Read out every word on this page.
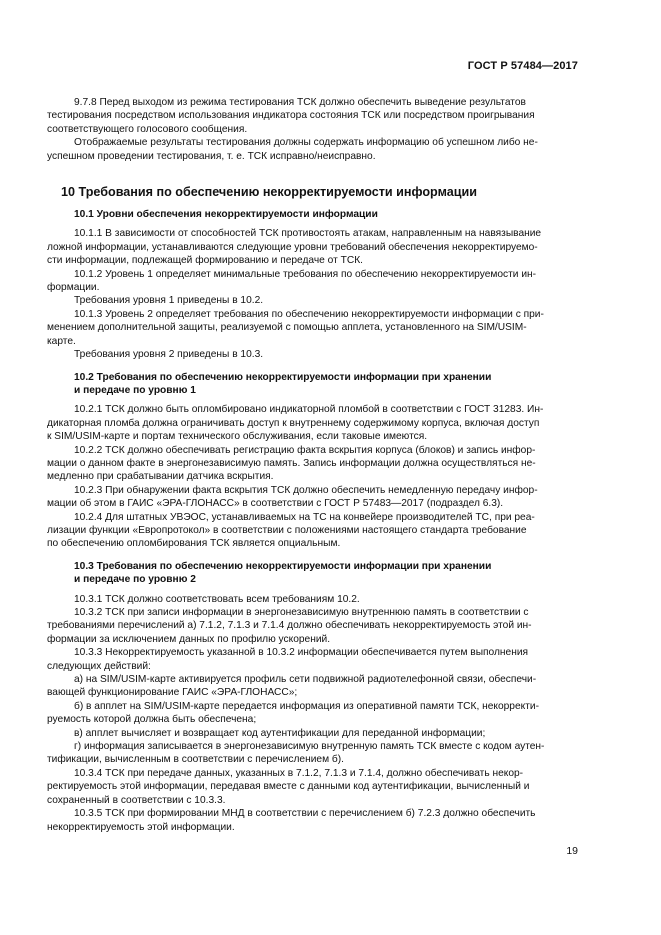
ГОСТ Р 57484—2017

9.7.8 Перед выходом из режима тестирования ТСК должно обеспечить выведение результатов
тестирования посредством использования индикатора состояния ТСК или посредством проигрывания
соответствующего голосового сообщения.

Отображаемые результаты тестирования должны содержать информацию об успешном либо не-
успешном проведении тестирования, т. е. ТСК исправно/неисправно.

10 Требования по обеспечению некорректируемости информации
10.1 Уровни обеспечения некорректируемости информации

10.1.1 В зависимости от способностей ТСК противостоять атакам, направленным на навязывание
ложной информации, устанавливаются следующие уровни требований обеспечения некорректируемо-
сти информации, подлежащей формированию и передаче от ТСК.

10.1.2 Уровень 1 определяет минимальные требования по обеспечению некорректируемости ин-
формации.

Требования уровня 1 приведены в 10.2.

10.1.3 Уровень 2 определяет требования по обеспечению некорректируемости информации с при-
менением дополнительной защиты, реализуемой с помощью апплета, установленного на SIM/USIM-
карте.

Требования уровня 2 приведены в 10.3.

10.2 Требования по обеспечению некорректируемости информации при хранении
и передаче по уровню 1

10.2.1 ТСК должно быть опломбировано индикаторной пломбой в соответствии с ГОСТ 31283. Ин-
дикаторная пломба должна ограничивать доступ к внутреннему содержимому корпуса, включая доступ
к SIM/USIM-карте и портам технического обслуживания, если таковые имеются.

10.2.2 ТСК должно обеспечивать регистрацию факта вскрытия корпуса (блоков) и запись инфор-
мации о данном факте в энергонезависимую память. Запись информации должна осуществляться не-
медленно при срабатывании датчика вскрытия.

10.2.3 При обнаружении факта вскрытия ТСК должно обеспечить немедленную передачу инфор-
мации об этом в ГАИС «ЭРА-ГЛОНАСС» в соответствии с ГОСТ Р 57483—2017 (подраздел 6.3).

10.2.4 Для штатных УВЭОС, устанавливаемых на ТС на конвейере производителей ТС, при реа-
лизации функции «Европротокол» в соответствии с положениями настоящего стандарта требование
по обеспечению опломбирования ТСК является опциальным.

10.3 Требования по обеспечению некорректируемости информации при хранении
и передаче по уровню 2

10.3.1 ТСК должно соответствовать всем требованиям 10.2.

10.3.2 ТСК при записи информации в энергонезависимую внутреннюю память в соответствии с
требованиями перечислений а) 7.1.2, 7.1.3 и 7.1.4 должно обеспечивать некорректируемость этой ин-
формации за исключением данных по профилю ускорений.

10.3.3 Некорректируемость указанной в 10.3.2 информации обеспечивается путем выполнения
следующих действий:

а) на SIM/USIM-карте активируется профиль сети подвижной радиотелефонной связи, обеспечи-
вающей функционирование ГАИС «ЭРА-ГЛОНАСС»;

б) в апплет на SIM/USIM-карте передается информация из оперативной памяти ТСК, некорректи-
руемость которой должна быть обеспечена;

в) апплет вычисляет и возвращает код аутентификации для переданной информации;

г) информация записывается в энергонезависимую внутренную память ТСК вместе с кодом аутен-
тификации, вычисленным в соответствии с перечислением б).

10.3.4 ТСК при передаче данных, указанных в 7.1.2, 7.1.3 и 7.1.4, должно обеспечивать некор-
ректируемость этой информации, передавая вместе с данными код аутентификации, вычисленный и
сохраненный в соответствии с 10.3.3.

10.3.5 ТСК при формировании МНД в соответствии с перечислением б) 7.2.3 должно обеспечить
некорректируемость этой информации.

19
